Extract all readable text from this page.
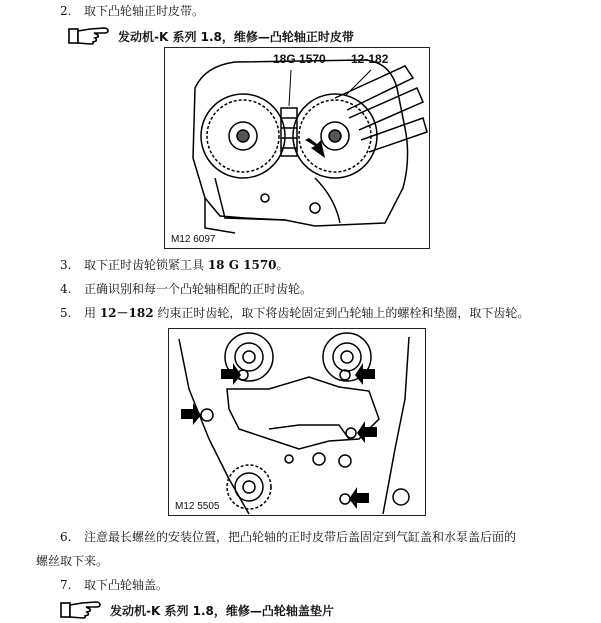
2. 取下凸轮轴正时皮带。
发动机-K 系列 1.8，维修—凸轮轴正时皮带
18G 1570 12-182
M12 6097
3. 取下正时齿轮锁紧工具 18 G 1570。
4. 正确识别和每一个凸轮轴相配的正时齿轮。
5. 用 12－182 约束正时齿轮，取下将齿轮固定到凸轮轴上的螺栓和垫圈，取下齿轮。
M12 5505
6. 注意最长螺丝的安装位置，把凸轮轴的正时皮带后盖固定到气缸盖和水泵盖后面的
螺丝取下来。
7. 取下凸轮轴盖。
发动机-K 系列 1.8，维修—凸轮轴盖垫片
